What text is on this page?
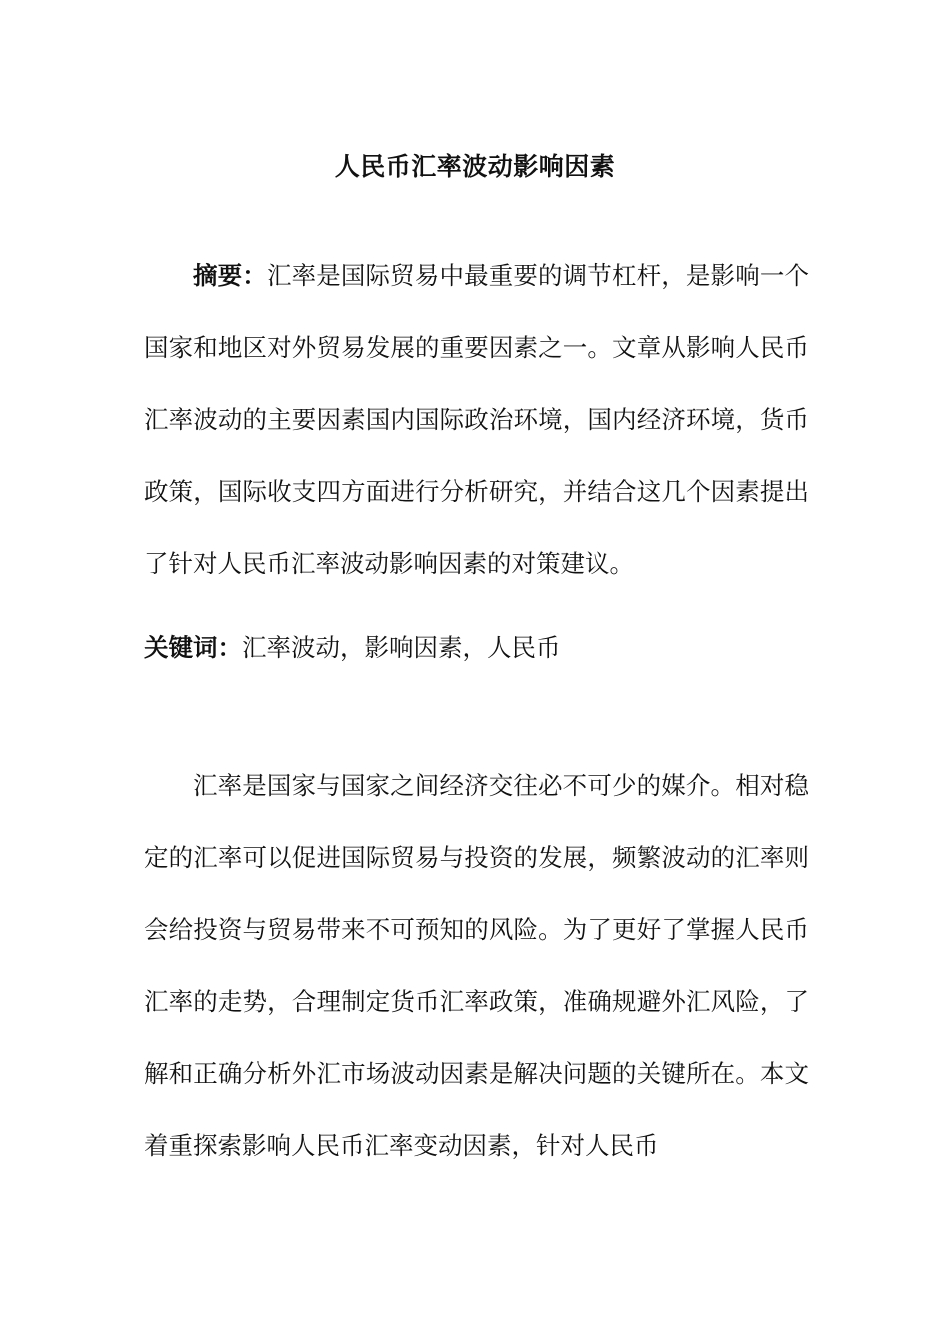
人民币汇率波动影响因素

摘要：汇率是国际贸易中最重要的调节杠杆，是影响一个国家和地区对外贸易发展的重要因素之一。文章从影响人民币汇率波动的主要因素国内国际政治环境，国内经济环境，货币政策，国际收支四方面进行分析研究，并结合这几个因素提出了针对人民币汇率波动影响因素的对策建议。

关键词：汇率波动，影响因素，人民币

汇率是国家与国家之间经济交往必不可少的媒介。相对稳定的汇率可以促进国际贸易与投资的发展，频繁波动的汇率则会给投资与贸易带来不可预知的风险。为了更好了掌握人民币汇率的走势，合理制定货币汇率政策，准确规避外汇风险，了解和正确分析外汇市场波动因素是解决问题的关键所在。本文着重探索影响人民币汇率变动因素，针对人民币
